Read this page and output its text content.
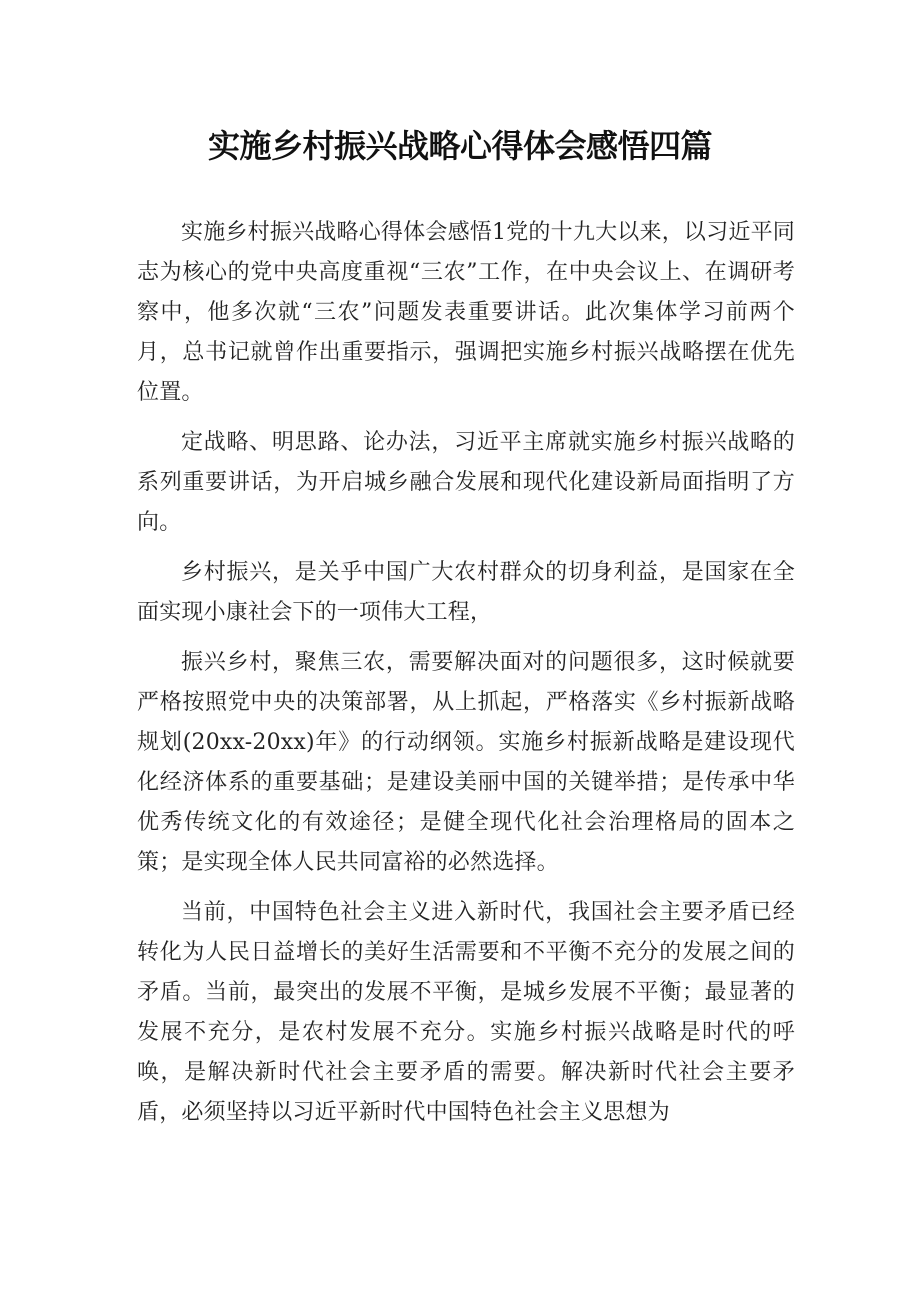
实施乡村振兴战略心得体会感悟四篇

实施乡村振兴战略心得体会感悟1党的十九大以来，以习近平同志为核心的党中央高度重视“三农”工作，在中央会议上、在调研考察中，他多次就“三农”问题发表重要讲话。此次集体学习前两个月，总书记就曾作出重要指示，强调把实施乡村振兴战略摆在优先位置。

定战略、明思路、论办法，习近平主席就实施乡村振兴战略的系列重要讲话，为开启城乡融合发展和现代化建设新局面指明了方向。

乡村振兴，是关乎中国广大农村群众的切身利益，是国家在全面实现小康社会下的一项伟大工程，

振兴乡村，聚焦三农，需要解决面对的问题很多，这时候就要严格按照党中央的决策部署，从上抓起，严格落实《乡村振新战略规划(20xx-20xx)年》的行动纲领。实施乡村振新战略是建设现代化经济体系的重要基础；是建设美丽中国的关键举措；是传承中华优秀传统文化的有效途径；是健全现代化社会治理格局的固本之策；是实现全体人民共同富裕的必然选择。

当前，中国特色社会主义进入新时代，我国社会主要矛盾已经转化为人民日益增长的美好生活需要和不平衡不充分的发展之间的矛盾。当前，最突出的发展不平衡，是城乡发展不平衡；最显著的发展不充分，是农村发展不充分。实施乡村振兴战略是时代的呼唤，是解决新时代社会主要矛盾的需要。解决新时代社会主要矛盾，必须坚持以习近平新时代中国特色社会主义思想为
